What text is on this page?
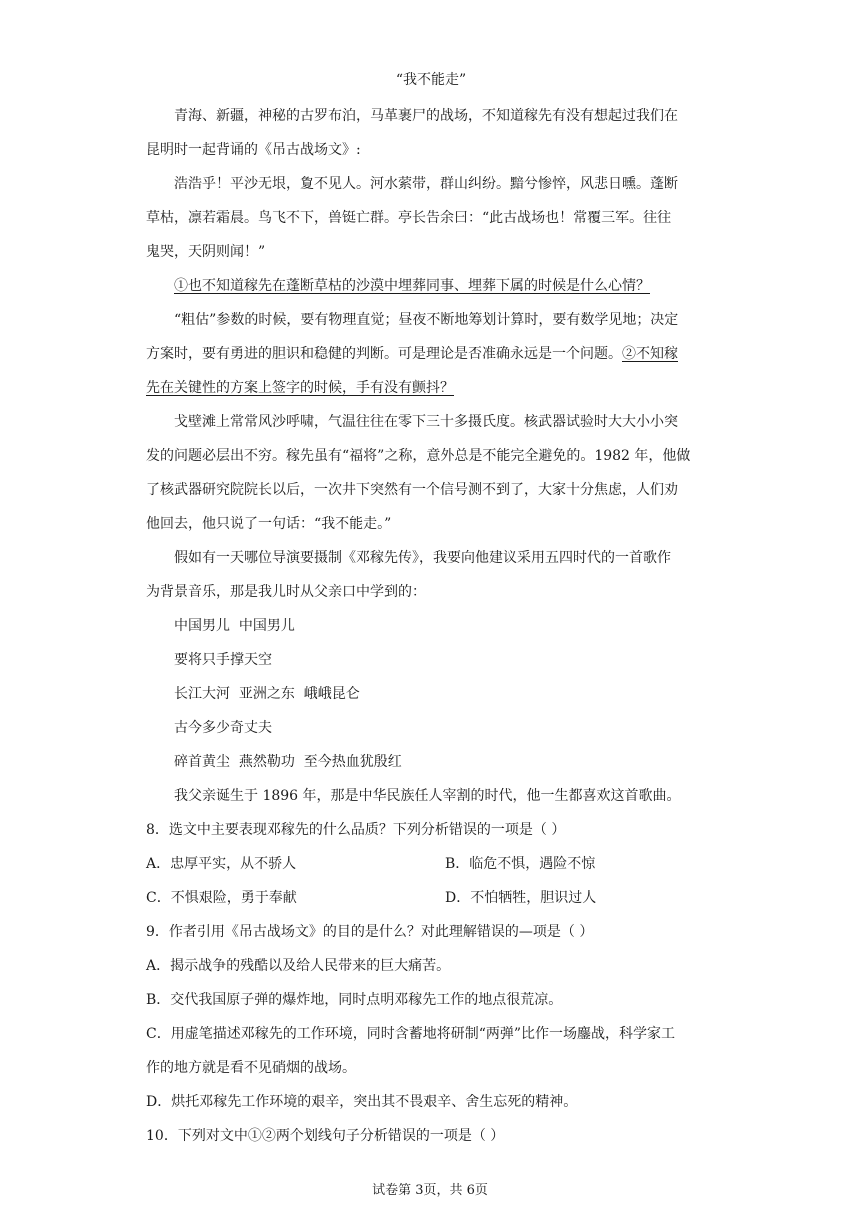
“我不能走”
青海、新疆，神秘的古罗布泊，马革裹尸的战场，不知道稼先有没有想起过我们在
昆明时一起背诵的《吊古战场文》:
浩浩乎！平沙无垠，夐不见人。河水萦带，群山纠纷。黯兮惨悴，风悲日曛。蓬断
草枯，凛若霜晨。鸟飞不下，兽铤亡群。亭长告余曰：“此古战场也！常覆三军。往往
鬼哭，天阴则闻！”
①也不知道稼先在蓬断草枯的沙漠中埋葬同事、埋葬下属的时候是什么心情？
“粗估”参数的时候，要有物理直觉；昼夜不断地筹划计算时，要有数学见地；决定
方案时，要有勇进的胆识和稳健的判断。可是理论是否准确永远是一个问题。②不知稼
先在关键性的方案上签字的时候，手有没有颤抖？
戈壁滩上常常风沙呼啸，气温往往在零下三十多摄氏度。核武器试验时大大小小突
发的问题必层出不穷。稼先虽有“福将”之称，意外总是不能完全避免的。1982 年，他做
了核武器研究院院长以后，一次井下突然有一个信号测不到了，大家十分焦虑，人们劝
他回去，他只说了一句话：“我不能走。”
假如有一天哪位导演要摄制《邓稼先传》，我要向他建议采用五四时代的一首歌作
为背景音乐，那是我儿时从父亲口中学到的：
中国男儿  中国男儿
要将只手撑天空
长江大河  亚洲之东  峨峨昆仑
古今多少奇丈夫
碎首黄尘  燕然勒功  至今热血犹殷红
我父亲诞生于 1896 年，那是中华民族任人宰割的时代，他一生都喜欢这首歌曲。
8．选文中主要表现邓稼先的什么品质？下列分析错误的一项是（ ）
A．忠厚平实，从不骄人	B．临危不惧，遇险不惊
C．不惧艰险，勇于奉献	D．不怕牺牲，胆识过人
9．作者引用《吊古战场文》的目的是什么？对此理解错误的—项是（ ）
A．揭示战争的残酷以及给人民带来的巨大痛苦。
B．交代我国原子弹的爆炸地，同时点明邓稼先工作的地点很荒凉。
C．用虚笔描述邓稼先的工作环境，同时含蓄地将研制“两弹”比作一场鏖战，科学家工
作的地方就是看不见硝烟的战场。
D．烘托邓稼先工作环境的艰辛，突出其不畏艰辛、舍生忘死的精神。
10．下列对文中①②两个划线句子分析错误的一项是（ ）
试卷第 3页，共 6页
